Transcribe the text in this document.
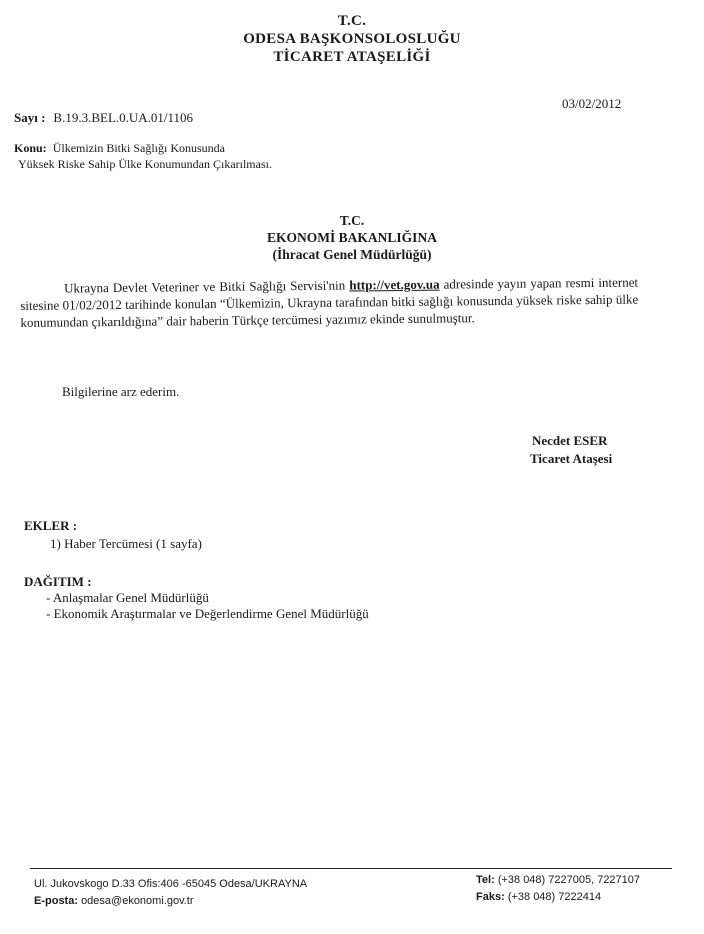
T.C.
ODESA BAŞKONSOLOSLUĞU
TİCARET ATAŞELİĞİ
03/02/2012
Sayı : B.19.3.BEL.0.UA.01/1106
Konu: Ülkemizin Bitki Sağlığı Konusunda
Yüksek Riske Sahip Ülke Konumundan Çıkarılması.
T.C.
EKONOMİ BAKANLIĞINA
(İhracat Genel Müdürlüğü)
Ukrayna Devlet Veteriner ve Bitki Sağlığı Servisi'nin http://vet.gov.ua adresinde yayın yapan resmi internet sitesine 01/02/2012 tarihinde konulan “Ülkemizin, Ukrayna tarafından bitki sağlığı konusunda yüksek riske sahip ülke konumundan çıkarıldığına” dair haberin Türkçe tercümesi yazımız ekinde sunulmuştur.
Bilgilerine arz ederim.
Necdet ESER
Ticaret Ataşesi
EKLER :
1) Haber Tercümesi (1 sayfa)
DAĞITIM :
- Anlaşmalar Genel Müdürlüğü
- Ekonomik Araştırmalar ve Değerlendirme Genel Müdürlüğü
Ul. Jukovskogo D.33 Ofis:406 -65045 Odesa/UKRAYNA
E-posta: odesa@ekonomi.gov.tr
Tel: (+38 048) 7227005, 7227107
Faks: (+38 048) 7222414
